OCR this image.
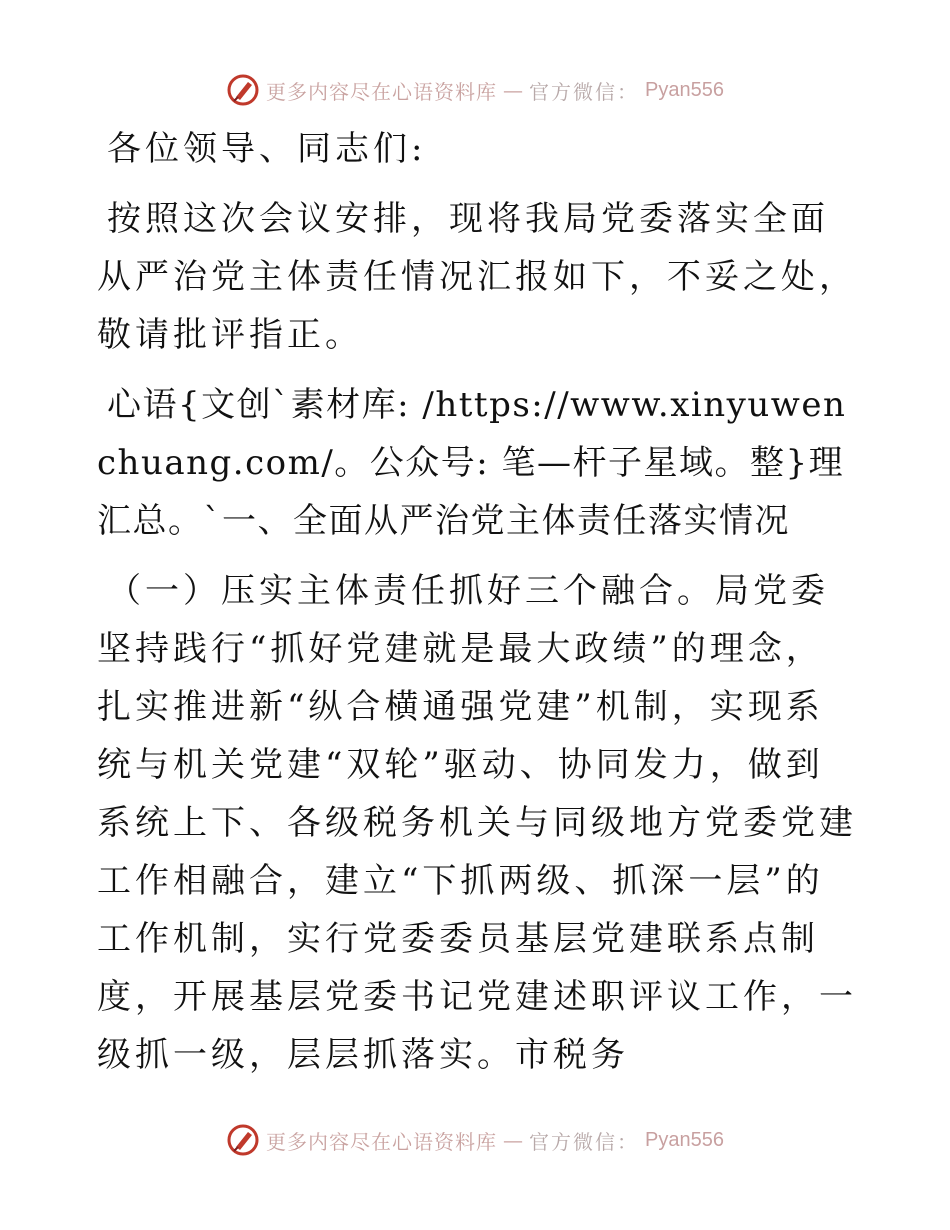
更多内容尽在心语资料库 — 官方微信： Pyan556

各位领导、同志们:

按照这次会议安排，现将我局党委落实全面从严治党主体责任情况汇报如下，不妥之处，敬请批评指正。

心语{文创`素材库: /https://www.xinyuwenchuang.com/。公众号: 笔—杆子星域。整}理汇总。`一、全面从严治党主体责任落实情况

（一）压实主体责任抓好三个融合。局党委坚持践行“抓好党建就是最大政绩”的理念，扎实推进新“纵合横通强党建”机制，实现系统与机关党建“双轮”驱动、协同发力，做到系统上下、各级税务机关与同级地方党委党建工作相融合，建立“下抓两级、抓深一层”的工作机制，实行党委委员基层党建联系点制度，开展基层党委书记党建述职评议工作，一级抓一级，层层抓落实。市税务

更多内容尽在心语资料库 — 官方微信： Pyan556
